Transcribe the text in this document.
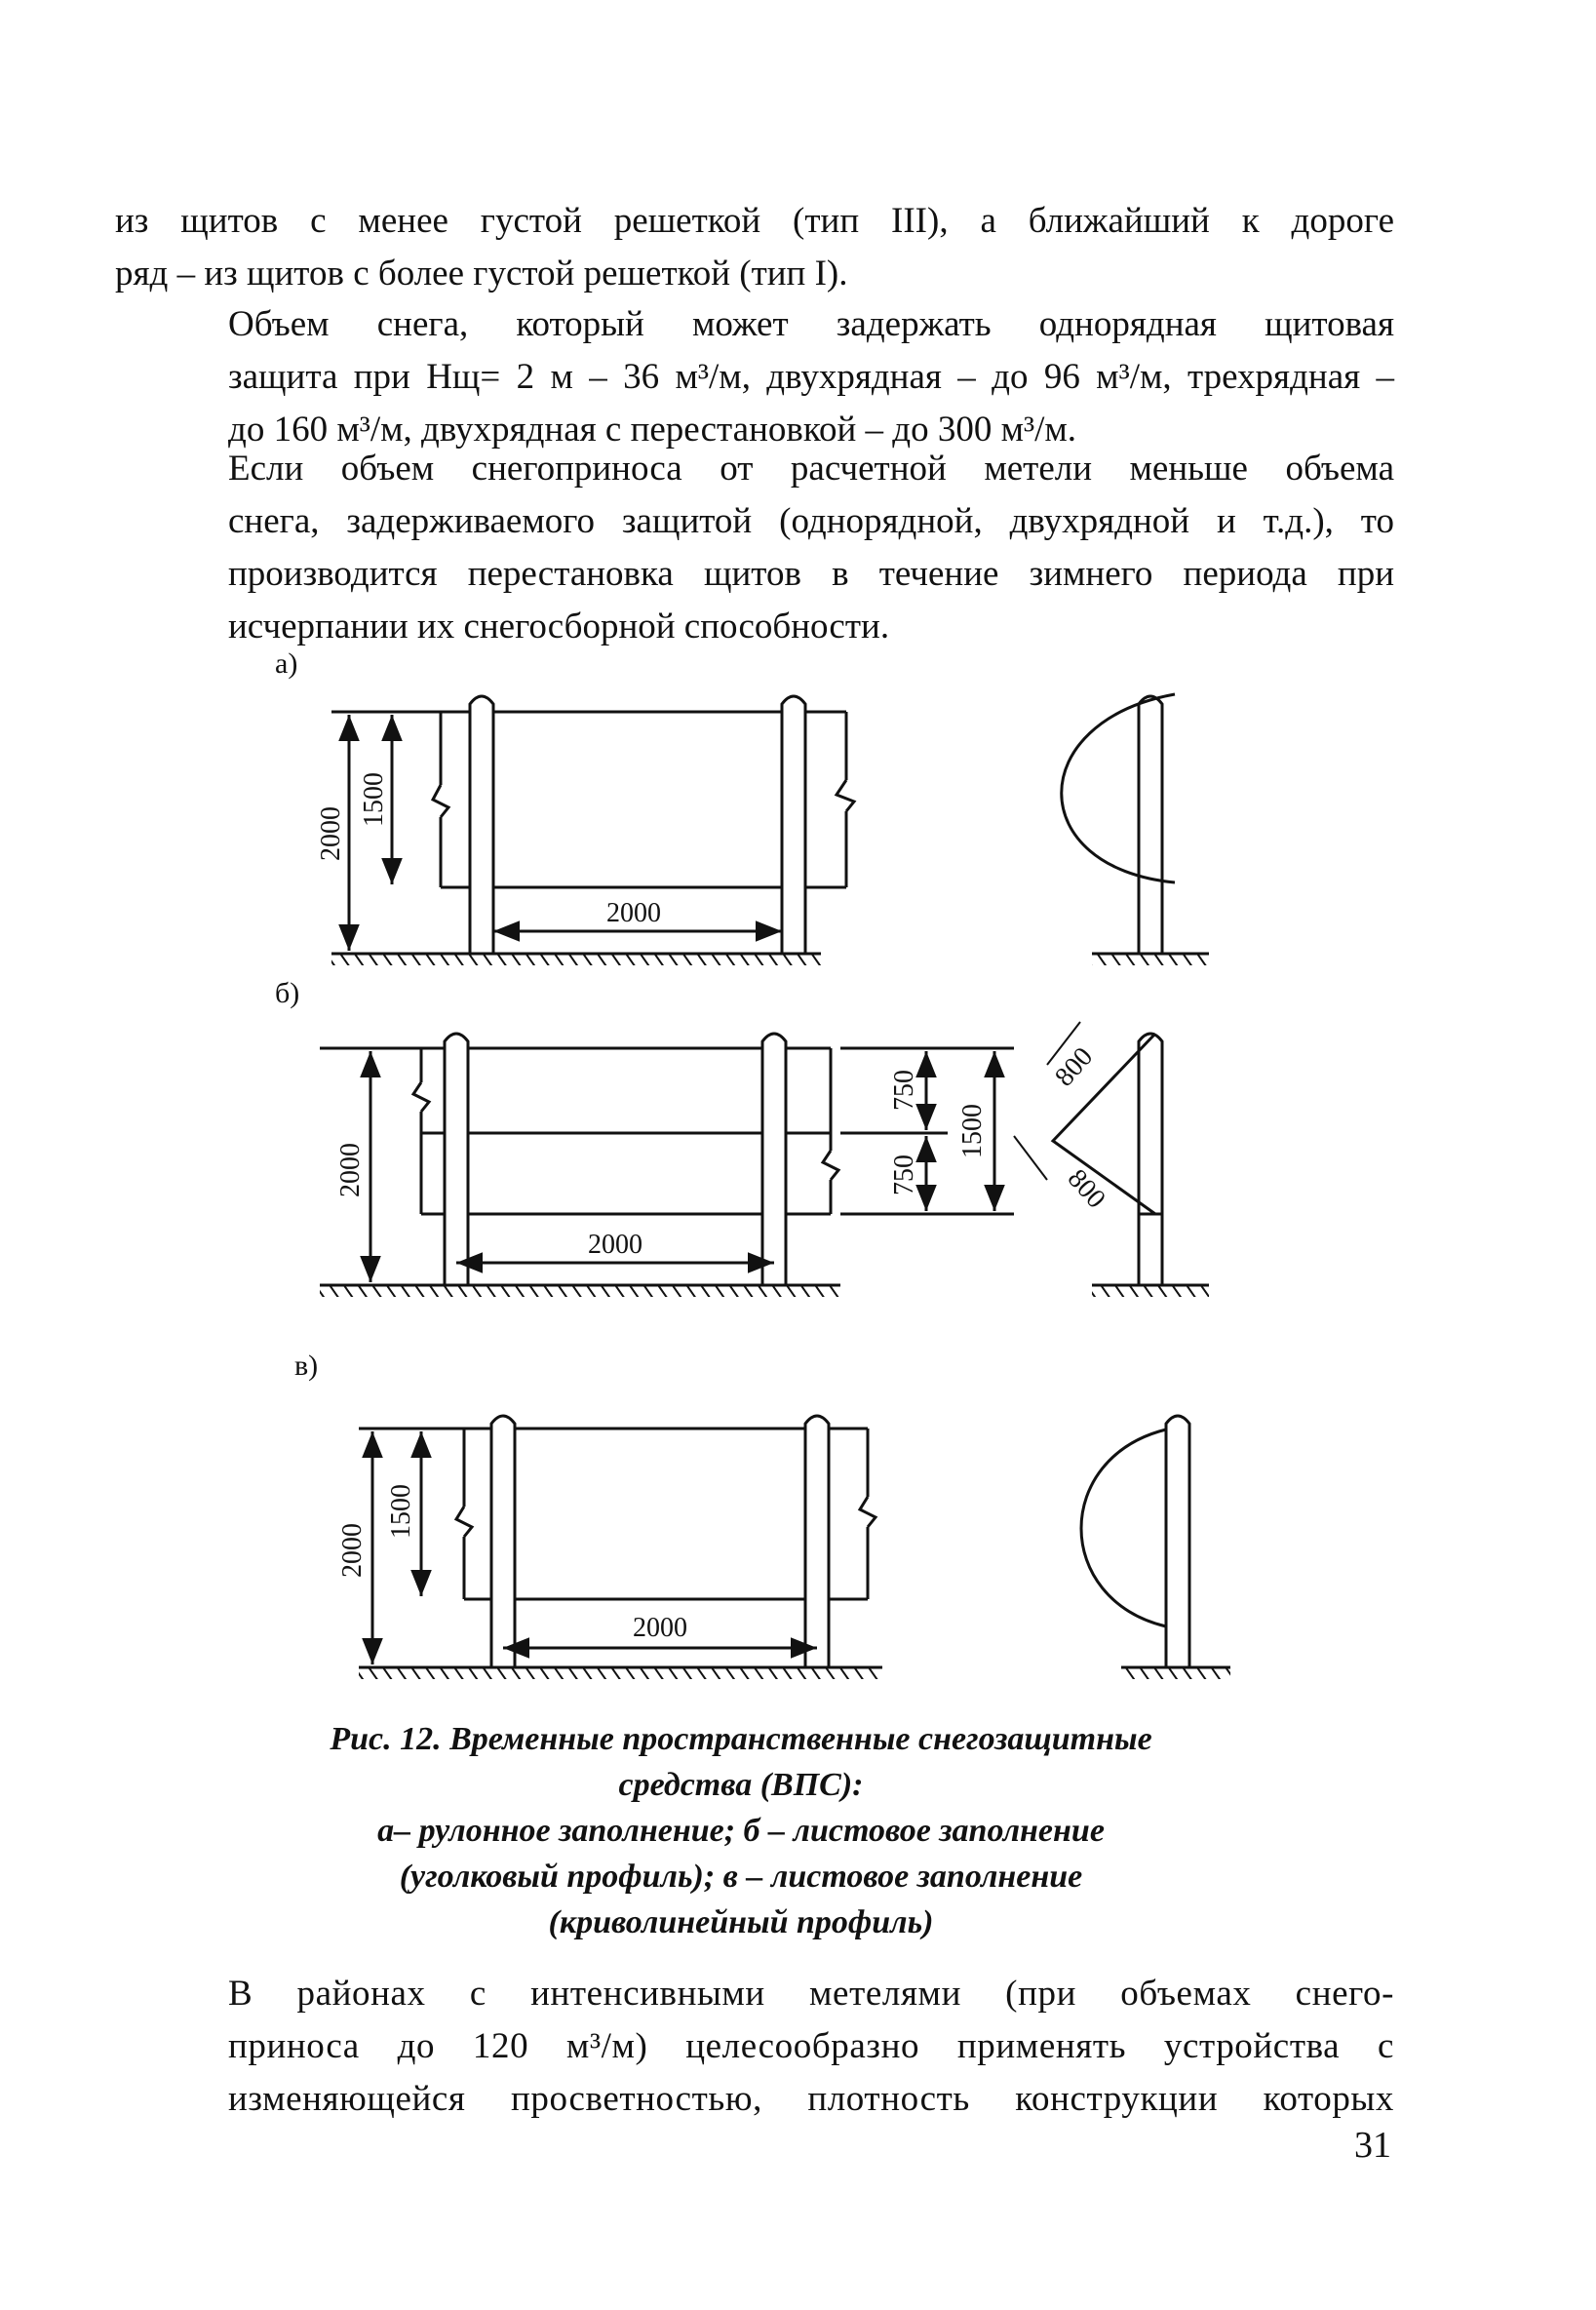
из щитов с менее густой решеткой (тип III), а ближайший к дороге
ряд – из щитов с более густой решеткой (тип I).
Объем снега, который может задержать однорядная щитовая
защита при Hщ= 2 м – 36 м³/м, двухрядная – до 96 м³/м, трехрядная –
до 160 м³/м, двухрядная с перестановкой – до 300 м³/м.
Если объем снегоприноса от расчетной метели меньше объема
снега, задерживаемого защитой (однорядной, двухрядной и т.д.), то
производится перестановка щитов в течение зимнего периода при
исчерпании их снегосборной способности.
а)
2000
2000
1500
б)
2000
2000
750
750
1500
800
800
в)
2000
2000
1500
Рис. 12. Временные пространственные снегозащитные
средства (ВПС):
а– рулонное заполнение; б – листовое заполнение
(уголковый профиль); в – листовое заполнение
(криволинейный профиль)
В районах с интенсивными метелями (при объемах снего-
приноса до 120 м³/м) целесообразно применять устройства с
изменяющейся просветностью, плотность конструкции которых
31
